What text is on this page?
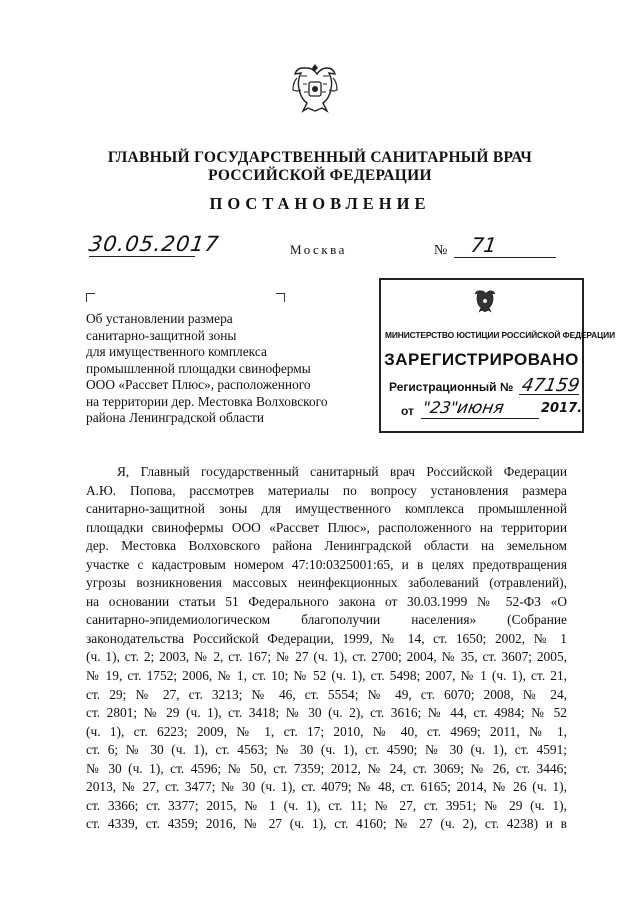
ГЛАВНЫЙ ГОСУДАРСТВЕННЫЙ САНИТАРНЫЙ ВРАЧ
РОССИЙСКОЙ ФЕДЕРАЦИИ
ПОСТАНОВЛЕНИЕ
30.05.2017	Москва	№ 71
Об установлении размера
санитарно-защитной зоны
для имущественного комплекса
промышленной площадки свинофермы
ООО «Рассвет Плюс», расположенного
на территории дер. Местовка Волховского
района Ленинградской области
МИНИСТЕРСТВО ЮСТИЦИИ РОССИЙСКОЙ ФЕДЕРАЦИИ
ЗАРЕГИСТРИРОВАНО
Регистрационный № 47159
от "23"
июня	2017.
Я, Главный государственный санитарный врач Российской Федерации
А.Ю. Попова, рассмотрев материалы по вопросу установления размера
санитарно-защитной зоны для имущественного комплекса промышленной
площадки свинофермы ООО «Рассвет Плюс», расположенного на территории
дер. Местовка Волховского района Ленинградской области на земельном
участке с кадастровым номером 47:10:0325001:65, и в целях предотвращения
угрозы возникновения массовых неинфекционных заболеваний (отравлений),
на основании статьи 51 Федерального закона от 30.03.1999 № 52-ФЗ «О
санитарно-эпидемиологическом благополучии населения» (Собрание
законодательства Российской Федерации, 1999, № 14, ст. 1650; 2002, № 1
(ч. 1), ст. 2; 2003, № 2, ст. 167; № 27 (ч. 1), ст. 2700; 2004, № 35, ст. 3607; 2005,
№ 19, ст. 1752; 2006, № 1, ст. 10; № 52 (ч. 1), ст. 5498; 2007, № 1 (ч. 1), ст. 21,
ст. 29; № 27, ст. 3213; № 46, ст. 5554; № 49, ст. 6070; 2008, № 24,
ст. 2801; № 29 (ч. 1), ст. 3418; № 30 (ч. 2), ст. 3616; № 44, ст. 4984; № 52
(ч. 1), ст. 6223; 2009, № 1, ст. 17; 2010, № 40, ст. 4969; 2011, № 1,
ст. 6; № 30 (ч. 1), ст. 4563; № 30 (ч. 1), ст. 4590; № 30 (ч. 1), ст. 4591;
№ 30 (ч. 1), ст. 4596; № 50, ст. 7359; 2012, № 24, ст. 3069; № 26, ст. 3446;
2013, № 27, ст. 3477; № 30 (ч. 1), ст. 4079; № 48, ст. 6165; 2014, № 26 (ч. 1),
ст. 3366; ст. 3377; 2015, № 1 (ч. 1), ст. 11; № 27, ст. 3951; № 29 (ч. 1),
ст. 4339, ст. 4359; 2016, № 27 (ч. 1), ст. 4160; № 27 (ч. 2), ст. 4238) и в
